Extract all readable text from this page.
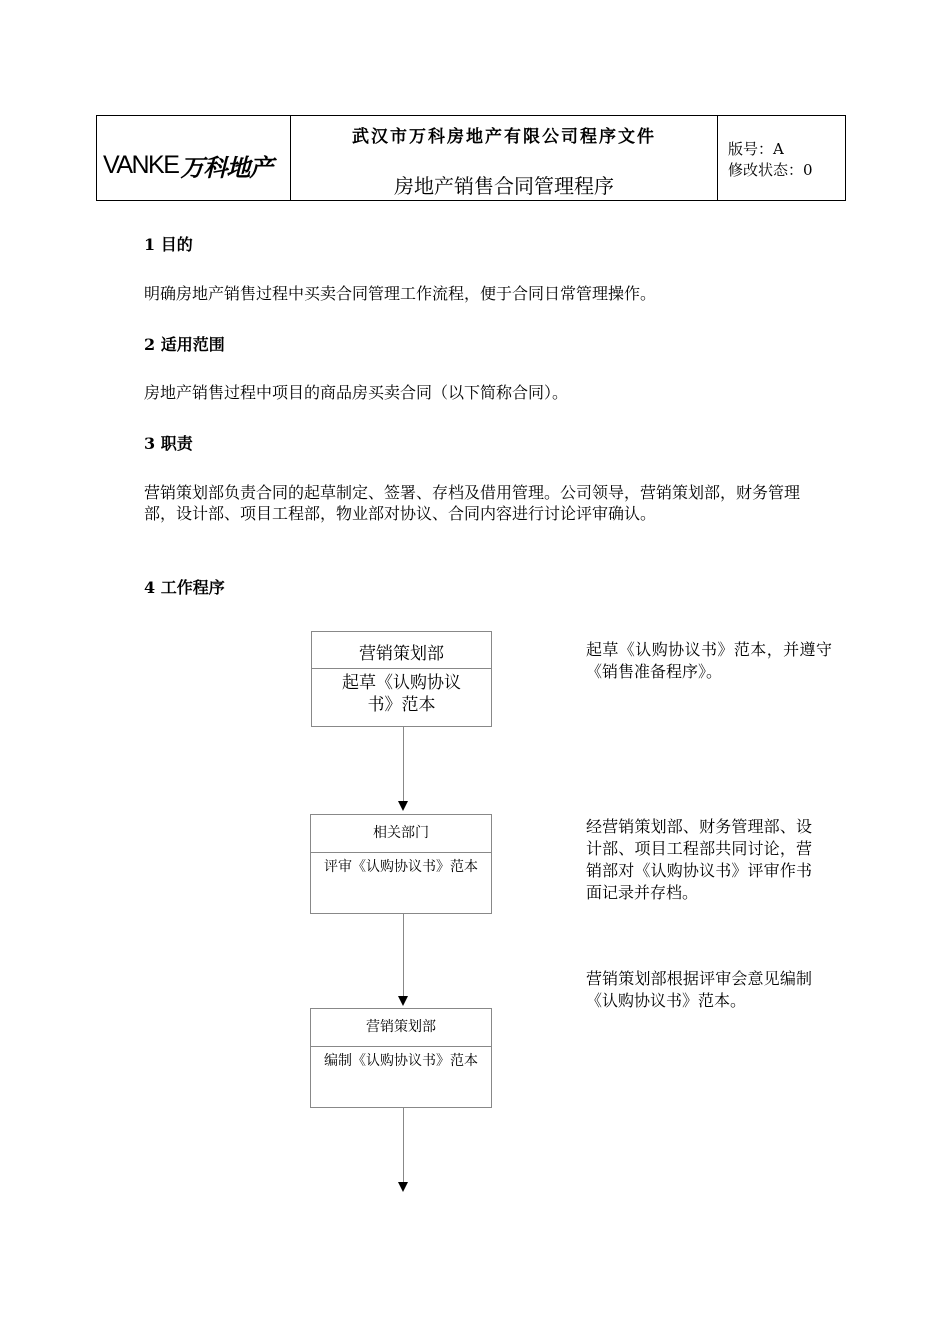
VANKE 万科地产
武汉市万科房地产有限公司程序文件
房地产销售合同管理程序
版号：A
修改状态：0
1 目的
明确房地产销售过程中买卖合同管理工作流程，便于合同日常管理操作。
2 适用范围
房地产销售过程中项目的商品房买卖合同（以下简称合同）。
3 职责
营销策划部负责合同的起草制定、签署、存档及借用管理。公司领导，营销策划部，财务管理部，设计部、项目工程部，物业部对协议、合同内容进行讨论评审确认。
4 工作程序
营销策划部
起草《认购协议书》范本
起草《认购协议书》范本，并遵守《销售准备程序》。
相关部门
评审《认购协议书》范本
经营销策划部、财务管理部、设计部、项目工程部共同讨论，营销部对《认购协议书》评审作书面记录并存档。
营销策划部
编制《认购协议书》范本
营销策划部根据评审会意见编制《认购协议书》范本。
